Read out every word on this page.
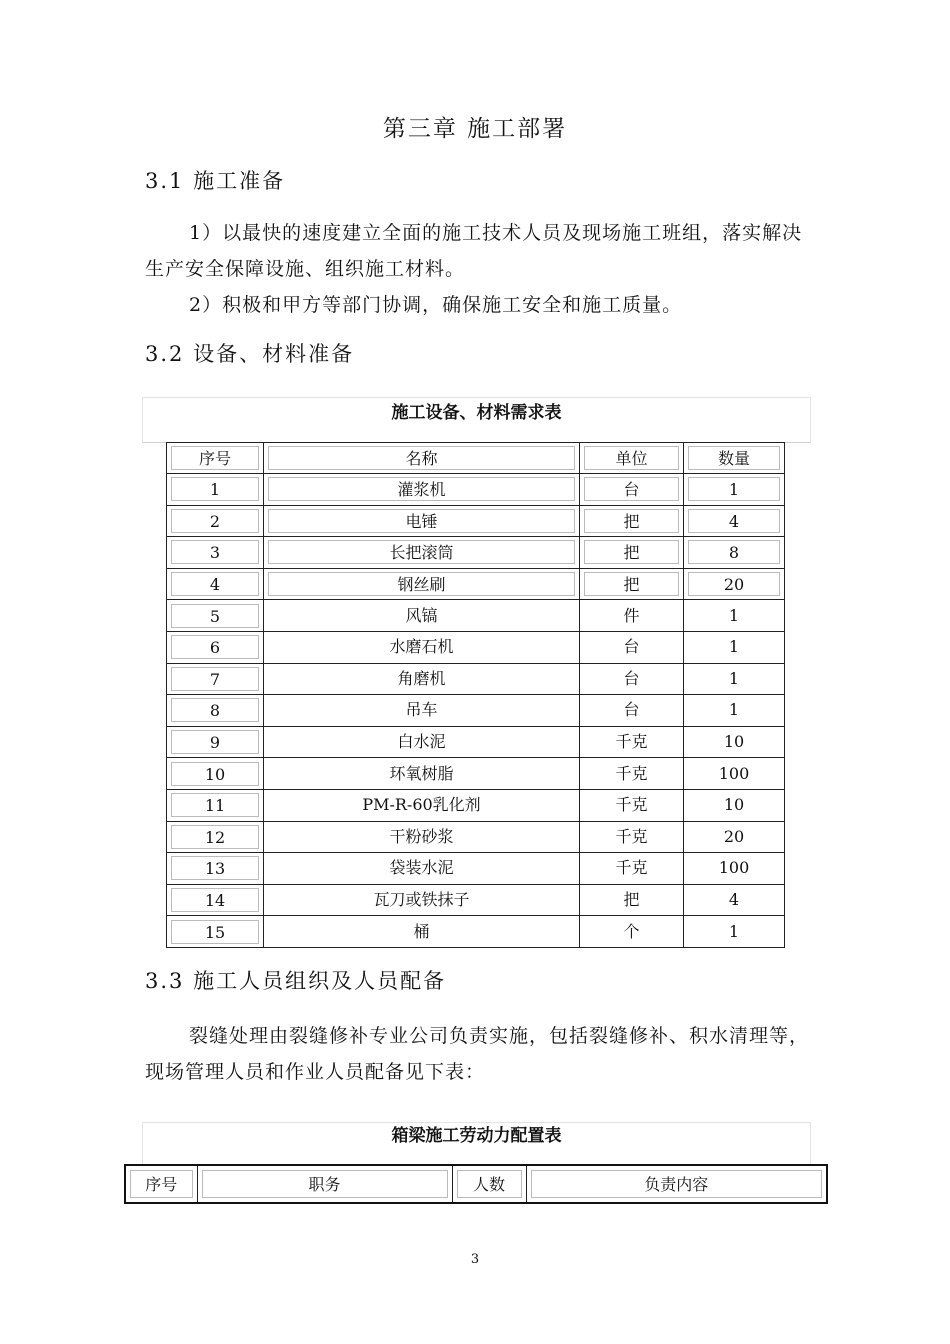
第三章 施工部署
3.1 施工准备
1）以最快的速度建立全面的施工技术人员及现场施工班组，落实解决生产安全保障设施、组织施工材料。
2）积极和甲方等部门协调，确保施工安全和施工质量。
3.2 设备、材料准备
施工设备、材料需求表
序号	名称	单位	数量

1	灌浆机	台	1

2	电锤	把	4

3	长把滚筒	把	8

4	钢丝刷	把	20

5	风镐	件	1

6	水磨石机	台	1

7	角磨机	台	1

8	吊车	台	1

9	白水泥	千克	10

10	环氧树脂	千克	100

11	PM-R-60乳化剂	千克	10

12	干粉砂浆	千克	20

13	袋装水泥	千克	100

14	瓦刀或铁抹子	把	4

15	桶	个	1
3.3 施工人员组织及人员配备
裂缝处理由裂缝修补专业公司负责实施，包括裂缝修补、积水清理等，现场管理人员和作业人员配备见下表：
箱梁施工劳动力配置表
序号	职务	人数	负责内容
3
